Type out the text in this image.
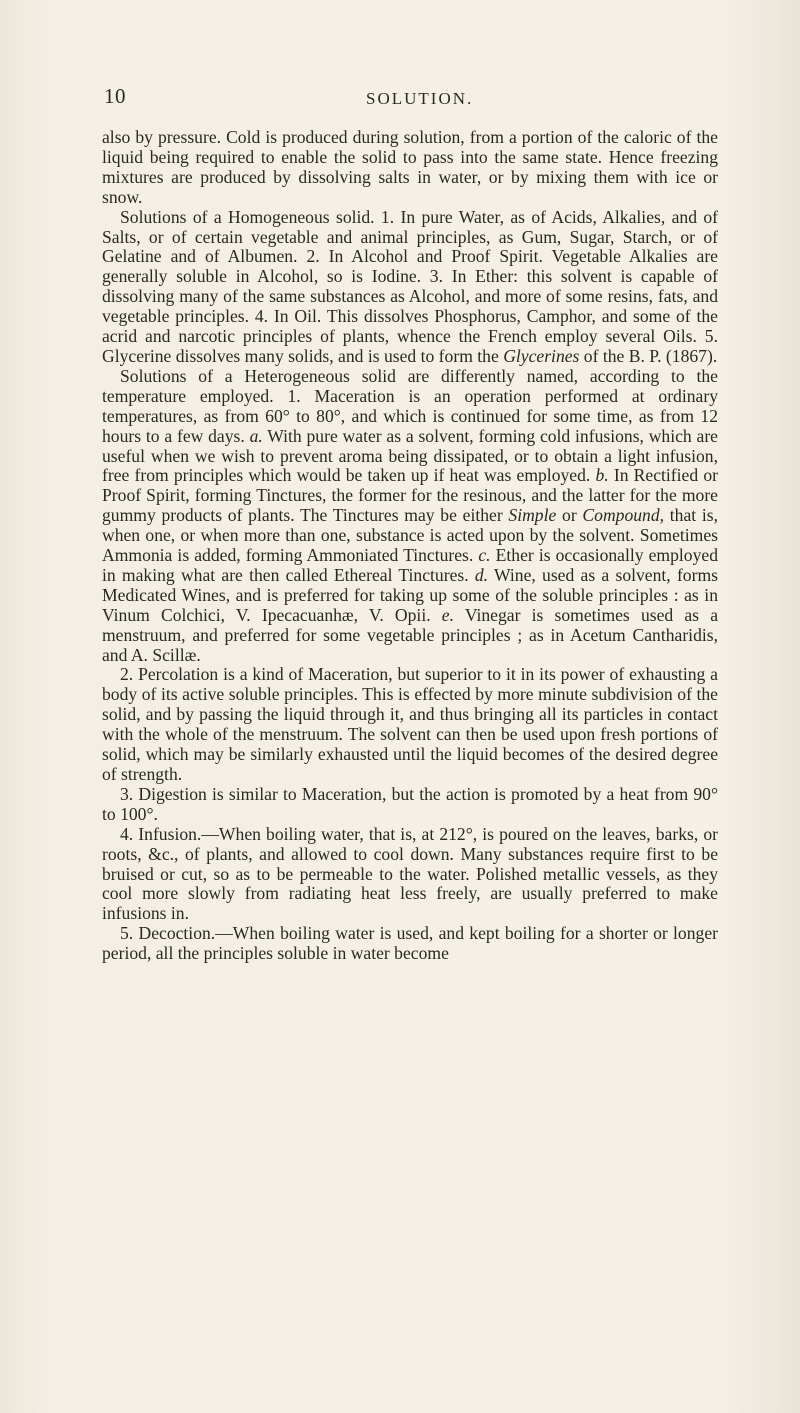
10	SOLUTION.

also by pressure. Cold is produced during solution, from a portion of the caloric of the liquid being required to enable the solid to pass into the same state. Hence freezing mixtures are produced by dissolving salts in water, or by mixing them with ice or snow.

Solutions of a Homogeneous solid. 1. In pure Water, as of Acids, Alkalies, and of Salts, or of certain vegetable and animal principles, as Gum, Sugar, Starch, or of Gelatine and of Albumen. 2. In Alcohol and Proof Spirit. Vegetable Alkalies are generally soluble in Alcohol, so is Iodine. 3. In Ether: this solvent is capable of dissolving many of the same substances as Alcohol, and more of some resins, fats, and vegetable principles. 4. In Oil. This dissolves Phosphorus, Camphor, and some of the acrid and narcotic principles of plants, whence the French employ several Oils. 5. Glycerine dissolves many solids, and is used to form the Glycerines of the B. P. (1867).

Solutions of a Heterogeneous solid are differently named, according to the temperature employed. 1. Maceration is an operation performed at ordinary temperatures, as from 60° to 80°, and which is continued for some time, as from 12 hours to a few days. a. With pure water as a solvent, forming cold infusions, which are useful when we wish to prevent aroma being dissipated, or to obtain a light infusion, free from principles which would be taken up if heat was employed. b. In Rectified or Proof Spirit, forming Tinctures, the former for the resinous, and the latter for the more gummy products of plants. The Tinctures may be either Simple or Compound, that is, when one, or when more than one, substance is acted upon by the solvent. Sometimes Ammonia is added, forming Ammoniated Tinctures. c. Ether is occasionally employed in making what are then called Ethereal Tinctures. d. Wine, used as a solvent, forms Medicated Wines, and is preferred for taking up some of the soluble principles : as in Vinum Colchici, V. Ipecacuanhæ, V. Opii. e. Vinegar is sometimes used as a menstruum, and preferred for some vegetable principles ; as in Acetum Cantharidis, and A. Scillæ.

2. Percolation is a kind of Maceration, but superior to it in its power of exhausting a body of its active soluble principles. This is effected by more minute subdivision of the solid, and by passing the liquid through it, and thus bringing all its particles in contact with the whole of the menstruum. The solvent can then be used upon fresh portions of solid, which may be similarly exhausted until the liquid becomes of the desired degree of strength.

3. Digestion is similar to Maceration, but the action is promoted by a heat from 90° to 100°.

4. Infusion.—When boiling water, that is, at 212°, is poured on the leaves, barks, or roots, &c., of plants, and allowed to cool down. Many substances require first to be bruised or cut, so as to be permeable to the water. Polished metallic vessels, as they cool more slowly from radiating heat less freely, are usually preferred to make infusions in.

5. Decoction.—When boiling water is used, and kept boiling for a shorter or longer period, all the principles soluble in water become
